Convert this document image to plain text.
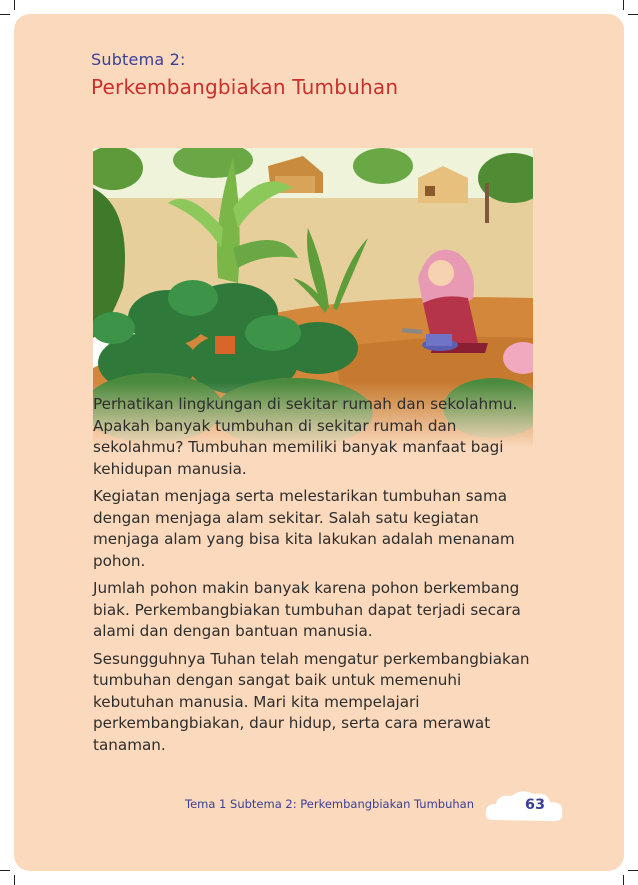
Subtema 2:
Perkembangbiakan Tumbuhan

Perhatikan lingkungan di sekitar rumah dan sekolahmu. Apakah banyak tumbuhan di sekitar rumah dan sekolahmu? Tumbuhan memiliki banyak manfaat bagi kehidupan manusia.

Kegiatan menjaga serta melestarikan tumbuhan sama dengan menjaga alam sekitar. Salah satu kegiatan menjaga alam yang bisa kita lakukan adalah menanam pohon.

Jumlah pohon makin banyak karena pohon berkembang biak. Perkembangbiakan tumbuhan dapat terjadi secara alami dan dengan bantuan manusia.

Sesungguhnya Tuhan telah mengatur perkembangbiakan tumbuhan dengan sangat baik untuk memenuhi kebutuhan manusia. Mari kita mempelajari perkembangbiakan, daur hidup, serta cara merawat tanaman.

Tema 1 Subtema 2: Perkembangbiakan Tumbuhan	63
